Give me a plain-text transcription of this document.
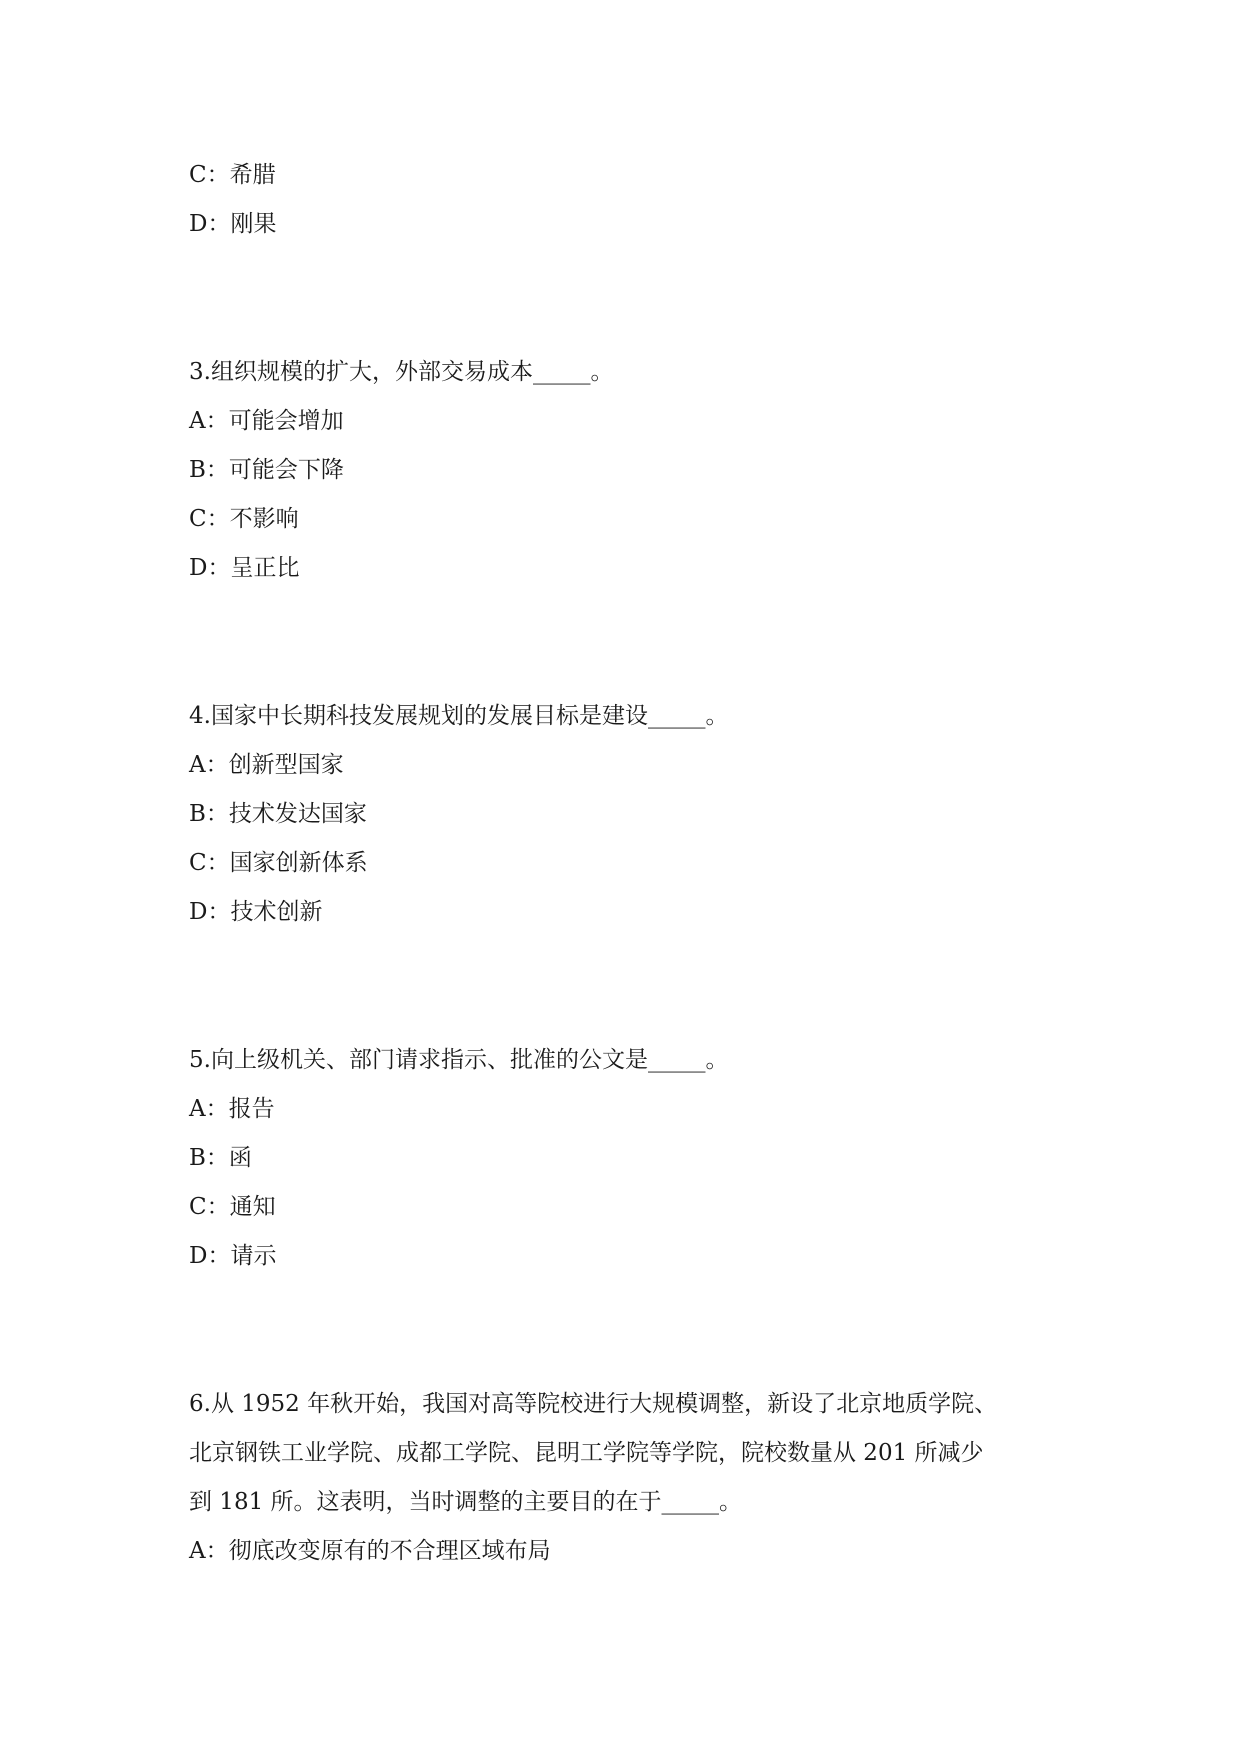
C：希腊

D：刚果

3.组织规模的扩大，外部交易成本_____。

A：可能会增加

B：可能会下降

C：不影响

D：呈正比

4.国家中长期科技发展规划的发展目标是建设_____。

A：创新型国家

B：技术发达国家

C：国家创新体系

D：技术创新

5.向上级机关、部门请求指示、批准的公文是_____。

A：报告

B：函

C：通知

D：请示

6.从 1952 年秋开始，我国对高等院校进行大规模调整，新设了北京地质学院、

北京钢铁工业学院、成都工学院、昆明工学院等学院，院校数量从 201 所减少

到 181 所。这表明，当时调整的主要目的在于_____。

A：彻底改变原有的不合理区域布局
